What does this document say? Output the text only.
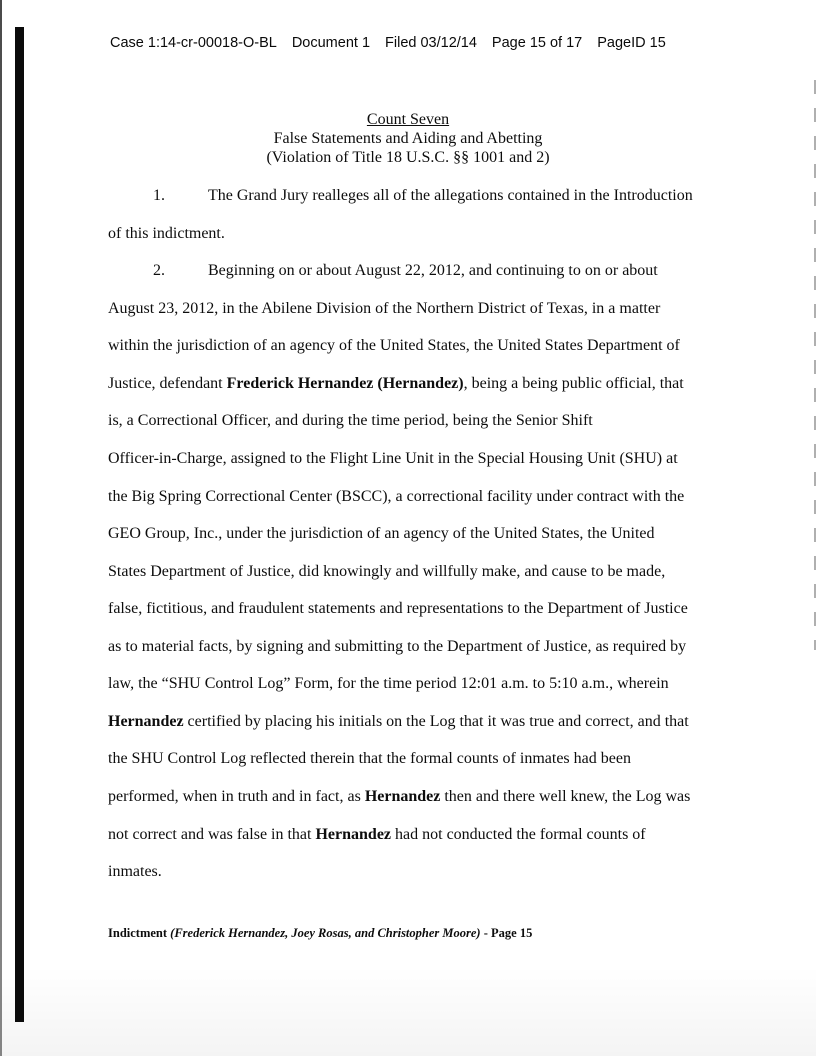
Case 1:14-cr-00018-O-BL Document 1 Filed 03/12/14 Page 15 of 17 PageID 15
Count Seven
False Statements and Aiding and Abetting
(Violation of Title 18 U.S.C. §§ 1001 and 2)
1.	The Grand Jury realleges all of the allegations contained in the Introduction
of this indictment.
2.	Beginning on or about August 22, 2012, and continuing to on or about
August 23, 2012, in the Abilene Division of the Northern District of Texas, in a matter
within the jurisdiction of an agency of the United States, the United States Department of
Justice, defendant Frederick Hernandez (Hernandez), being a being public official, that
is, a Correctional Officer, and during the time period, being the Senior Shift
Officer-in-Charge, assigned to the Flight Line Unit in the Special Housing Unit (SHU) at
the Big Spring Correctional Center (BSCC), a correctional facility under contract with the
GEO Group, Inc., under the jurisdiction of an agency of the United States, the United
States Department of Justice, did knowingly and willfully make, and cause to be made,
false, fictitious, and fraudulent statements and representations to the Department of Justice
as to material facts, by signing and submitting to the Department of Justice, as required by
law, the “SHU Control Log” Form, for the time period 12:01 a.m. to 5:10 a.m., wherein
Hernandez certified by placing his initials on the Log that it was true and correct, and that
the SHU Control Log reflected therein that the formal counts of inmates had been
performed, when in truth and in fact, as Hernandez then and there well knew, the Log was
not correct and was false in that Hernandez had not conducted the formal counts of
inmates.
Indictment (Frederick Hernandez, Joey Rosas, and Christopher Moore) - Page 15
